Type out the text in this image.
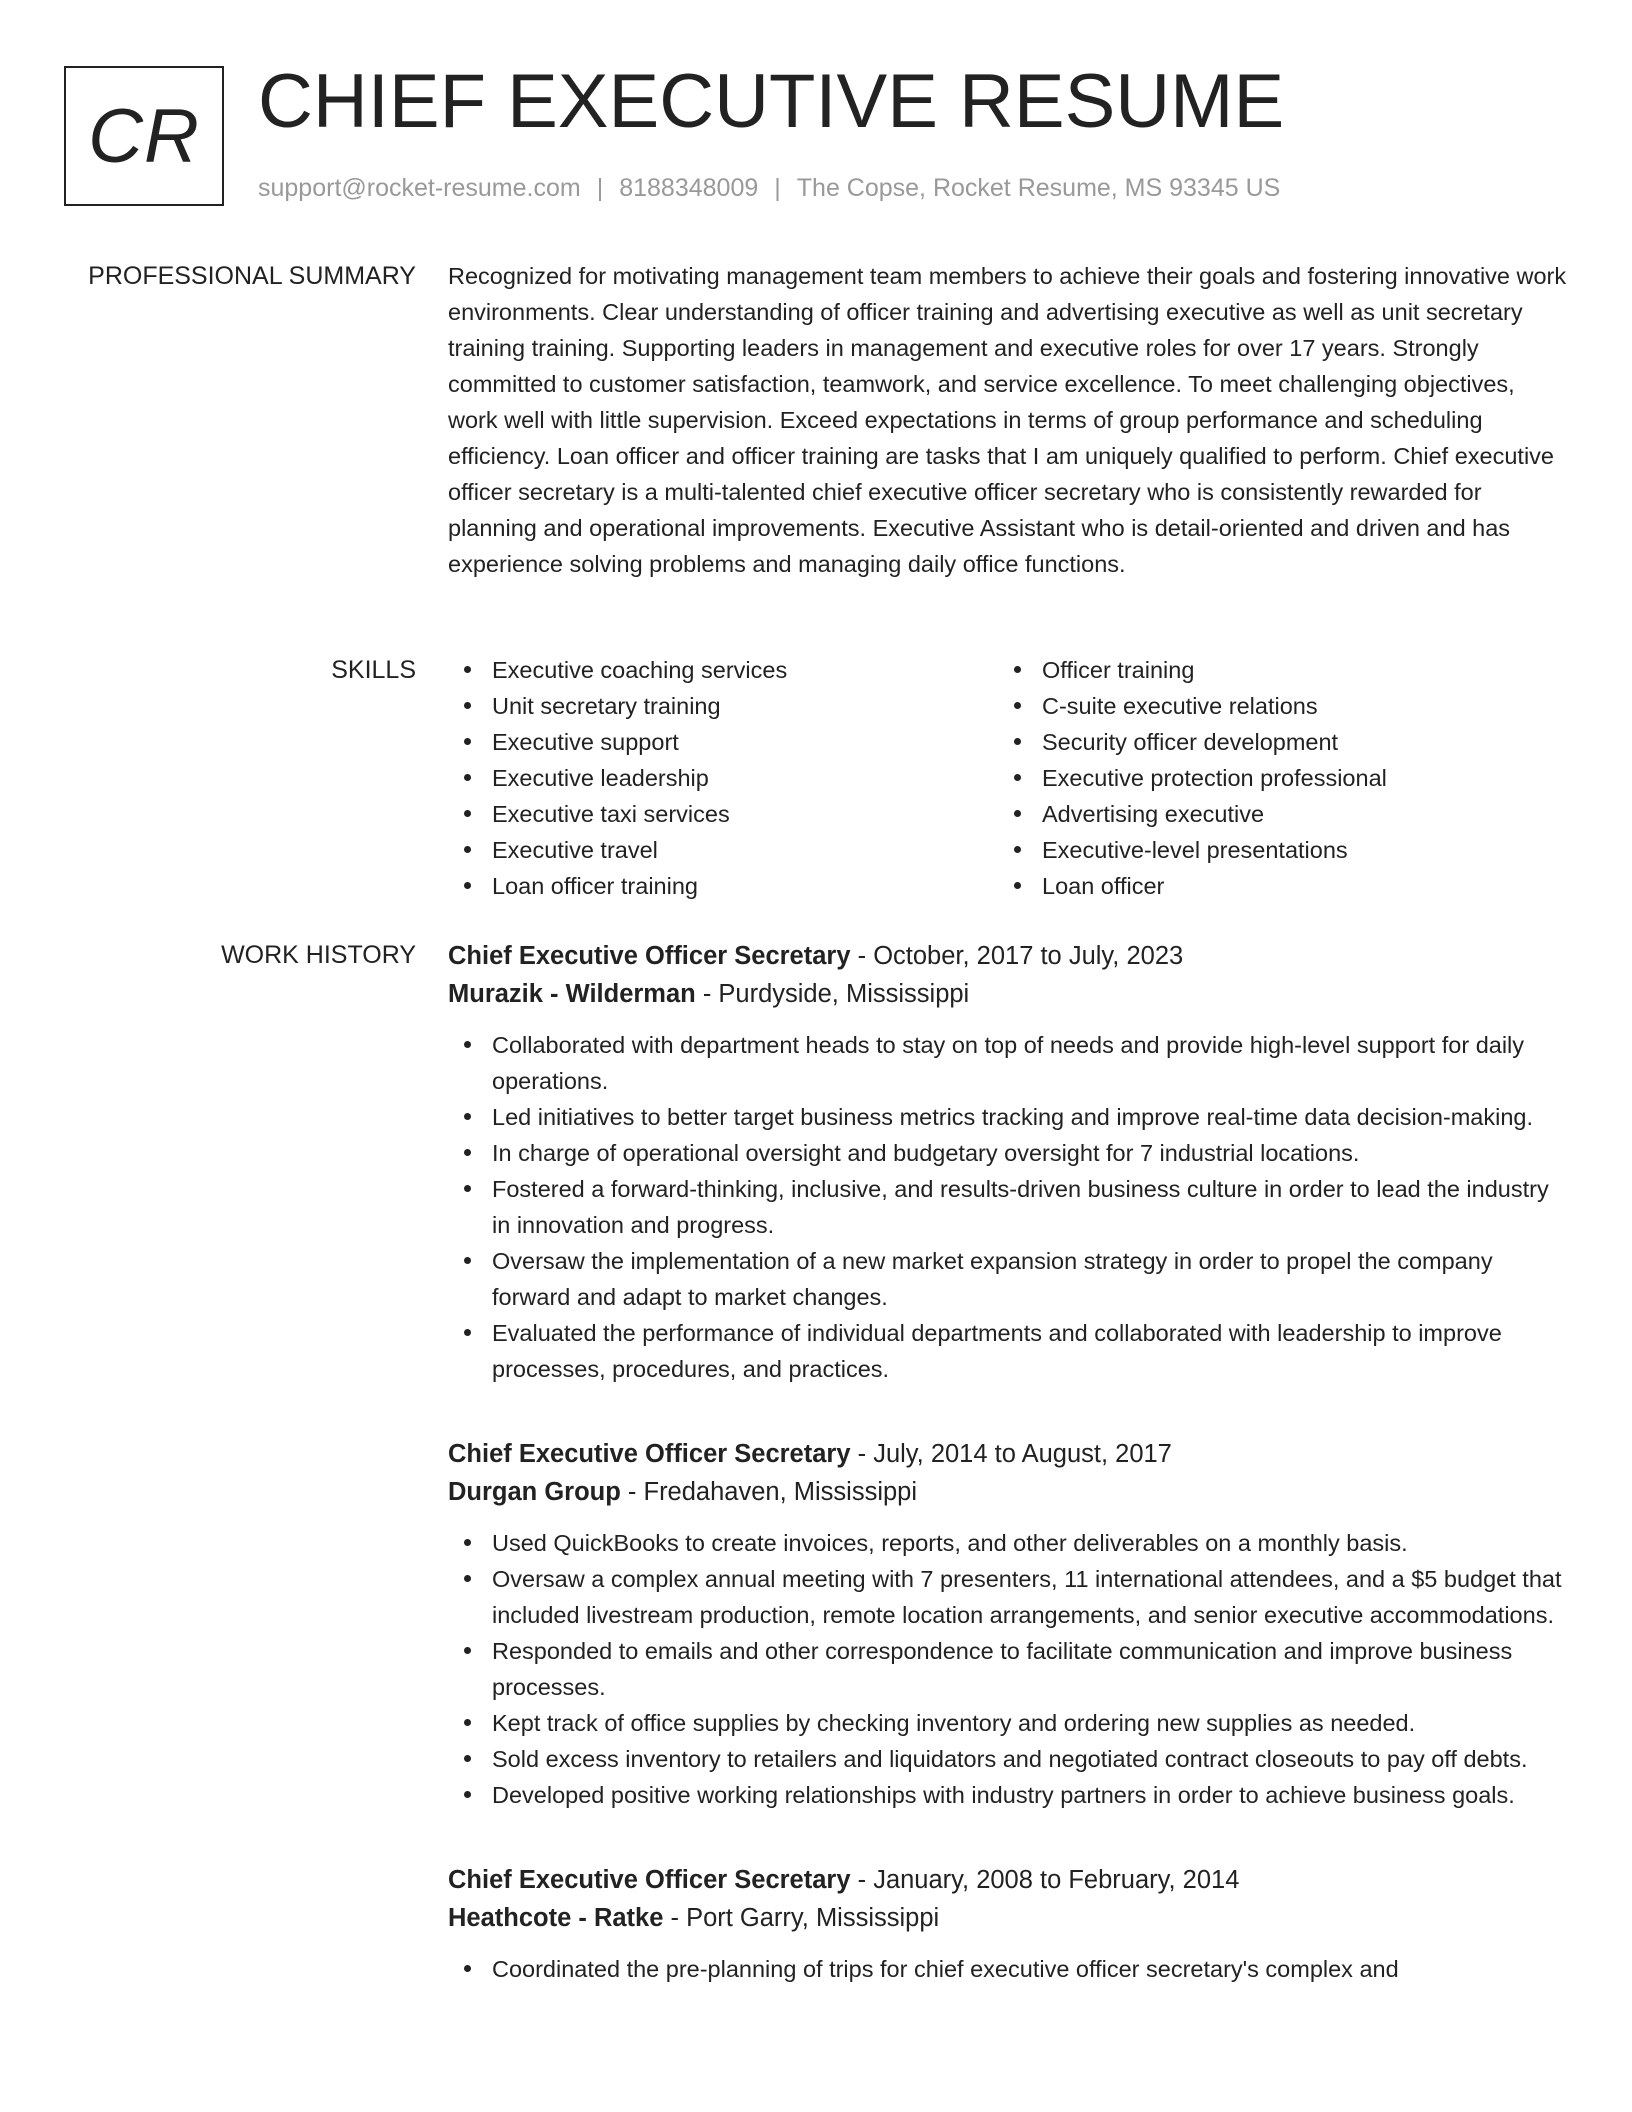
CR CHIEF EXECUTIVE RESUME
support@rocket-resume.com | 8188348009 | The Copse, Rocket Resume, MS 93345 US
PROFESSIONAL SUMMARY Recognized for motivating management team members to achieve their goals and fostering innovative work environments. Clear understanding of officer training and advertising executive as well as unit secretary training training. Supporting leaders in management and executive roles for over 17 years. Strongly committed to customer satisfaction, teamwork, and service excellence. To meet challenging objectives, work well with little supervision. Exceed expectations in terms of group performance and scheduling efficiency. Loan officer and officer training are tasks that I am uniquely qualified to perform. Chief executive officer secretary is a multi-talented chief executive officer secretary who is consistently rewarded for planning and operational improvements. Executive Assistant who is detail-oriented and driven and has experience solving problems and managing daily office functions.

SKILLS	Executive coaching services
Unit secretary training
Executive support
Executive leadership
Executive taxi services
Executive travel
Loan officer training
Officer training
C-suite executive relations
Security officer development
Executive protection professional
Advertising executive
Executive-level presentations
Loan officer
WORK HISTORY Chief Executive Officer Secretary - October, 2017 to July, 2023
Murazik - Wilderman - Purdyside, Mississippi
Collaborated with department heads to stay on top of needs and provide high-level support for daily operations.
Led initiatives to better target business metrics tracking and improve real-time data decision-making.
In charge of operational oversight and budgetary oversight for 7 industrial locations.
Fostered a forward-thinking, inclusive, and results-driven business culture in order to lead the industry in innovation and progress.
Oversaw the implementation of a new market expansion strategy in order to propel the company forward and adapt to market changes.
Evaluated the performance of individual departments and collaborated with leadership to improve processes, procedures, and practices.
Chief Executive Officer Secretary - July, 2014 to August, 2017
Durgan Group - Fredahaven, Mississippi
Used QuickBooks to create invoices, reports, and other deliverables on a monthly basis.
Oversaw a complex annual meeting with 7 presenters, 11 international attendees, and a $5 budget that included livestream production, remote location arrangements, and senior executive accommodations.
Responded to emails and other correspondence to facilitate communication and improve business processes.
Kept track of office supplies by checking inventory and ordering new supplies as needed.
Sold excess inventory to retailers and liquidators and negotiated contract closeouts to pay off debts.
Developed positive working relationships with industry partners in order to achieve business goals.
Chief Executive Officer Secretary - January, 2008 to February, 2014
Heathcote - Ratke - Port Garry, Mississippi
Coordinated the pre-planning of trips for chief executive officer secretary's complex and
